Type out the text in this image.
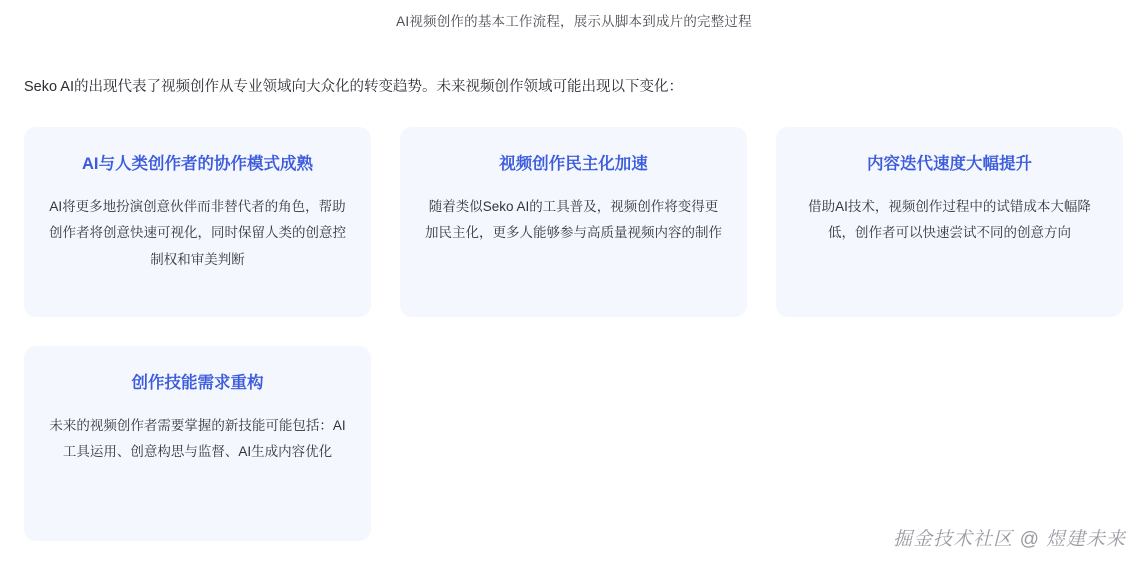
AI视频创作的基本工作流程，展示从脚本到成片的完整过程

Seko AI的出现代表了视频创作从专业领域向大众化的转变趋势。未来视频创作领域可能出现以下变化：

AI与人类创作者的协作模式成熟

AI将更多地扮演创意伙伴而非替代者的角色，帮助创作者将创意快速可视化，同时保留人类的创意控制权和审美判断

视频创作民主化加速

随着类似Seko AI的工具普及，视频创作将变得更加民主化，更多人能够参与高质量视频内容的制作

内容迭代速度大幅提升

借助AI技术，视频创作过程中的试错成本大幅降低，创作者可以快速尝试不同的创意方向

创作技能需求重构

未来的视频创作者需要掌握的新技能可能包括：AI工具运用、创意构思与监督、AI生成内容优化

掘金技术社区 @ 煜建未来
